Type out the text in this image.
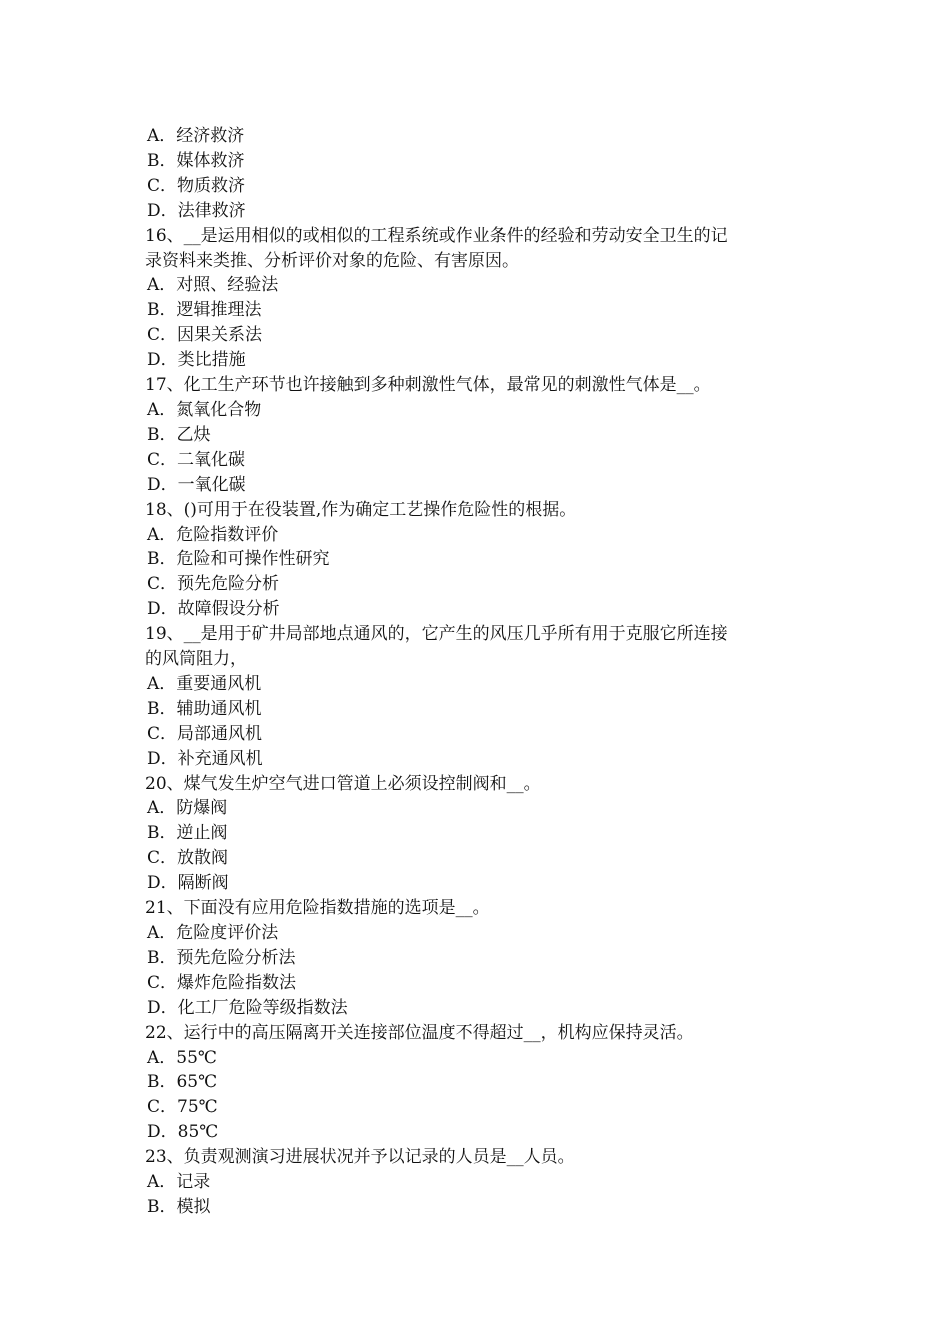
A．经济救济

B．媒体救济

C．物质救济

D．法律救济

16、__是运用相似的或相似的工程系统或作业条件的经验和劳动安全卫生的记

录资料来类推、分析评价对象的危险、有害原因。

A．对照、经验法

B．逻辑推理法

C．因果关系法

D．类比措施

17、化工生产环节也许接触到多种刺激性气体，最常见的刺激性气体是__。

A．氮氧化合物

B．乙炔

C．二氧化碳

D．一氧化碳

18、()可用于在役装置,作为确定工艺操作危险性的根据。

A．危险指数评价

B．危险和可操作性研究

C．预先危险分析

D．故障假设分析

19、__是用于矿井局部地点通风的，它产生的风压几乎所有用于克服它所连接

的风筒阻力，

A．重要通风机

B．辅助通风机

C．局部通风机

D．补充通风机

20、煤气发生炉空气进口管道上必须设控制阀和__。

A．防爆阀

B．逆止阀

C．放散阀

D．隔断阀

21、下面没有应用危险指数措施的选项是__。

A．危险度评价法

B．预先危险分析法

C．爆炸危险指数法

D．化工厂危险等级指数法

22、运行中的高压隔离开关连接部位温度不得超过__，机构应保持灵活。

A．55℃

B．65℃

C．75℃

D．85℃

23、负责观测演习进展状况并予以记录的人员是__人员。

A．记录

B．模拟
